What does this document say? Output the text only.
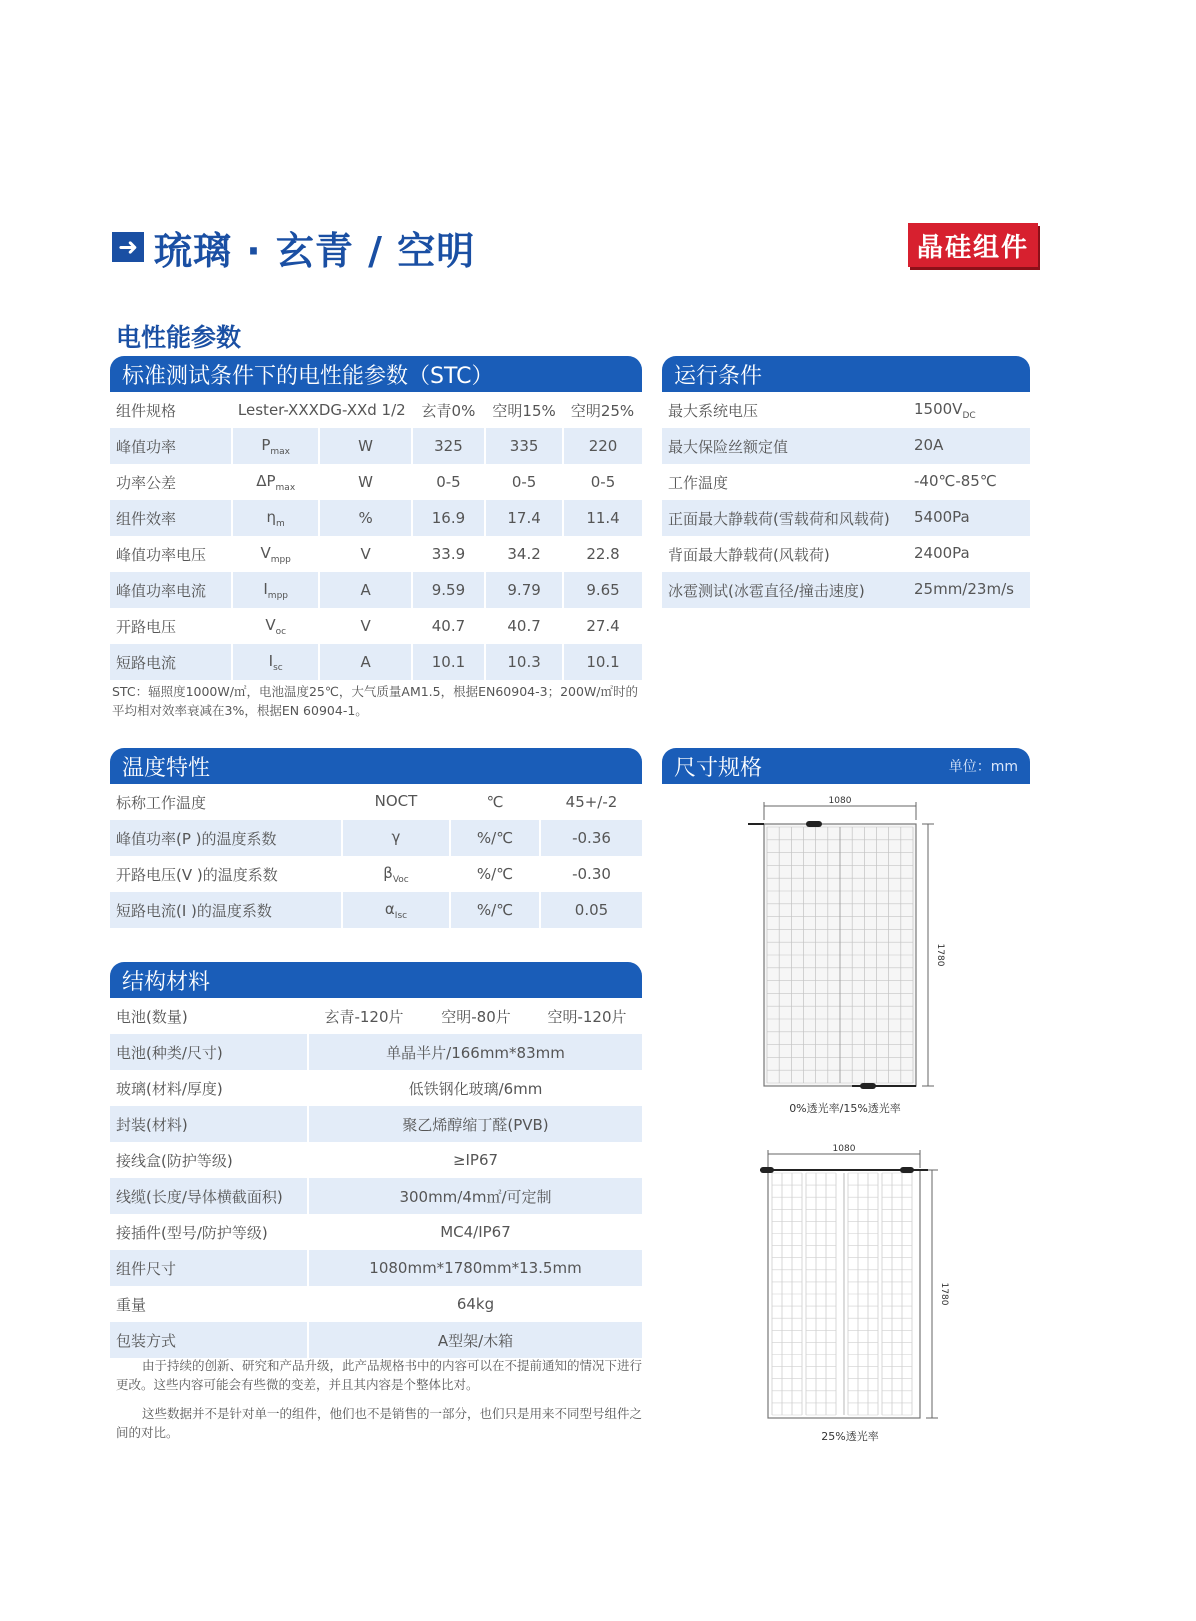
➜ 琉璃 · 玄青 / 空明	晶硅组件
电性能参数
标准测试条件下的电性能参数（STC）
组件规格	Lester-XXXDG-XXd 1/2		玄青0%	空明15%	空明25%
峰值功率	$P_{max}$	W	325	335	220
功率公差	$\Delta P_{max}$	W	0-5	0-5	0-5
组件效率	$\eta_m$	%	16.9	17.4	11.4
峰值功率电压	$V_{mpp}$	V	33.9	34.2	22.8
峰值功率电流	$I_{mpp}$	A	9.59	9.79	9.65
开路电压	$V_{oc}$	V	40.7	40.7	27.4
短路电流	$I_{sc}$	A	10.1	10.3	10.1
STC：辐照度1000W/㎡，电池温度25℃，大气质量AM1.5，根据EN60904-3；200W/㎡时的平均相对效率衰减在3%，根据EN 60904-1。
运行条件
最大系统电压	$1500V_{DC}$
最大保险丝额定值	20A
工作温度	-40℃-85℃
正面最大静载荷(雪载荷和风载荷)	5400Pa
背面最大静载荷(风载荷)	2400Pa
冰雹测试(冰雹直径/撞击速度)	25mm/23m/s
温度特性
标称工作温度	NOCT	℃	45+/-2
峰值功率(P )的温度系数	γ	%/℃	-0.36
开路电压(V )的温度系数	$\beta_{Voc}$	%/℃	-0.30
短路电流(I )的温度系数	$\alpha_{Isc}$	%/℃	0.05
结构材料
电池(数量)	玄青-120片	空明-80片	空明-120片
电池(种类/尺寸)	单晶半片/166mm*83mm		
玻璃(材料/厚度)	低铁钢化玻璃/6mm		
封装(材料)	聚乙烯醇缩丁醛(PVB)		
接线盒(防护等级)	≥IP67		
线缆(长度/导体横截面积)	300mm/4m㎡/可定制		
接插件(型号/防护等级)	MC4/IP67		
组件尺寸	1080mm*1780mm*13.5mm		
重量	64kg		
包装方式	A型架/木箱		
由于持续的创新、研究和产品升级，此产品规格书中的内容可以在不提前通知的情况下进行更改。这些内容可能会有些微的变差，并且其内容是个整体比对。
这些数据并不是针对单一的组件，他们也不是销售的一部分，也们只是用来不同型号组件之间的对比。
尺寸规格	单位：mm
1080
1780
0%透光率/15%透光率
1080
1780
25%透光率
